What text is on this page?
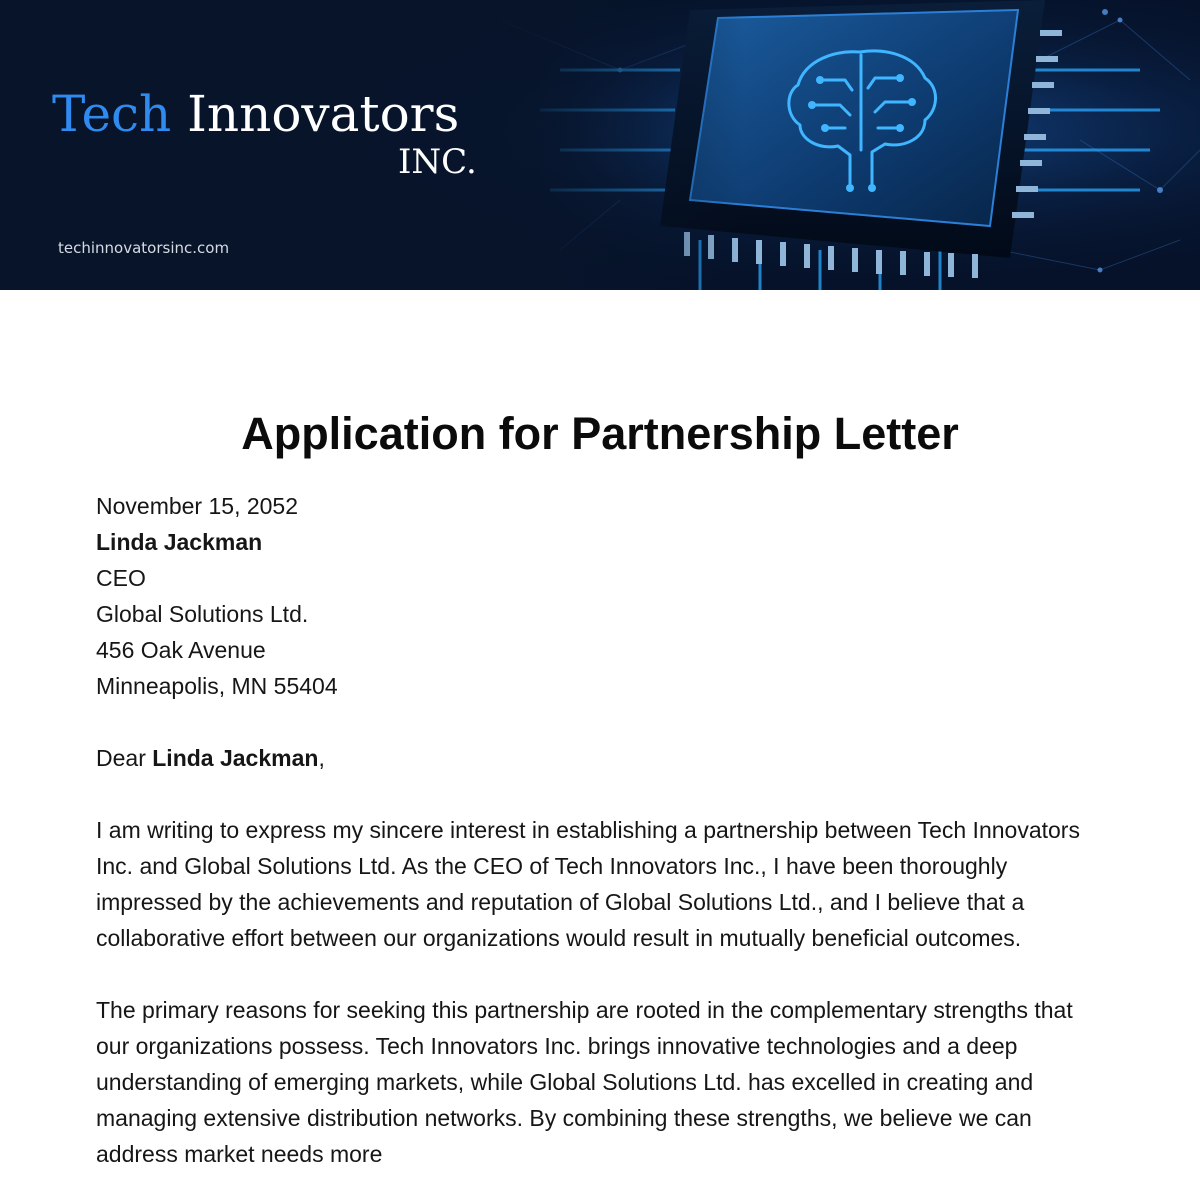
Tech Innovators
INC.
techinnovatorsinc.com
Application for Partnership Letter

November 15, 2052

Linda Jackman

CEO

Global Solutions Ltd.

456 Oak Avenue

Minneapolis, MN 55404

Dear Linda Jackman,

I am writing to express my sincere interest in establishing a partnership between Tech Innovators Inc. and Global Solutions Ltd. As the CEO of Tech Innovators Inc., I have been thoroughly impressed by the achievements and reputation of Global Solutions Ltd., and I believe that a collaborative effort between our organizations would result in mutually beneficial outcomes.

The primary reasons for seeking this partnership are rooted in the complementary strengths that our organizations possess. Tech Innovators Inc. brings innovative technologies and a deep understanding of emerging markets, while Global Solutions Ltd. has excelled in creating and managing extensive distribution networks. By combining these strengths, we believe we can address market needs more
